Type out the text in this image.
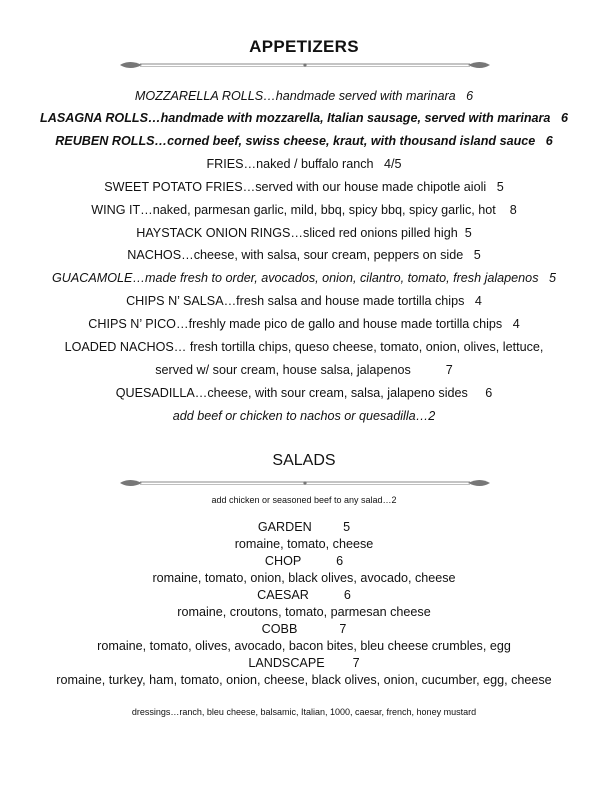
APPETIZERS
MOZZARELLA ROLLS…handmade served with marinara   6
LASAGNA ROLLS…handmade with mozzarella, Italian sausage, served with marinara   6
REUBEN ROLLS…corned beef, swiss cheese, kraut, with thousand island sauce   6
FRIES…naked / buffalo ranch   4/5
SWEET POTATO FRIES…served with our house made chipotle aioli   5
WING IT…naked, parmesan garlic, mild, bbq, spicy bbq, spicy garlic, hot    8
HAYSTACK ONION RINGS…sliced red onions pilled high  5
NACHOS…cheese, with salsa, sour cream, peppers on side   5
GUACAMOLE…made fresh to order, avocados, onion, cilantro, tomato, fresh jalapenos   5
CHIPS N’ SALSA…fresh salsa and house made tortilla chips   4
CHIPS N’ PICO…freshly made pico de gallo and house made tortilla chips   4
LOADED NACHOS… fresh tortilla chips, queso cheese, tomato, onion, olives, lettuce,
served w/ sour cream, house salsa, jalapenos          7
QUESADILLA…cheese, with sour cream, salsa, jalapeno sides     6
add beef or chicken to nachos or quesadilla…2
SALADS
add chicken or seasoned beef to any salad…2
GARDEN         5
romaine, tomato, cheese
CHOP          6
romaine, tomato, onion, black olives, avocado, cheese
CAESAR          6
romaine, croutons, tomato, parmesan cheese
COBB            7
romaine, tomato, olives, avocado, bacon bites, bleu cheese crumbles, egg
LANDSCAPE        7
romaine, turkey, ham, tomato, onion, cheese, black olives, onion, cucumber, egg, cheese
dressings…ranch, bleu cheese, balsamic, Italian, 1000, caesar, french, honey mustard
